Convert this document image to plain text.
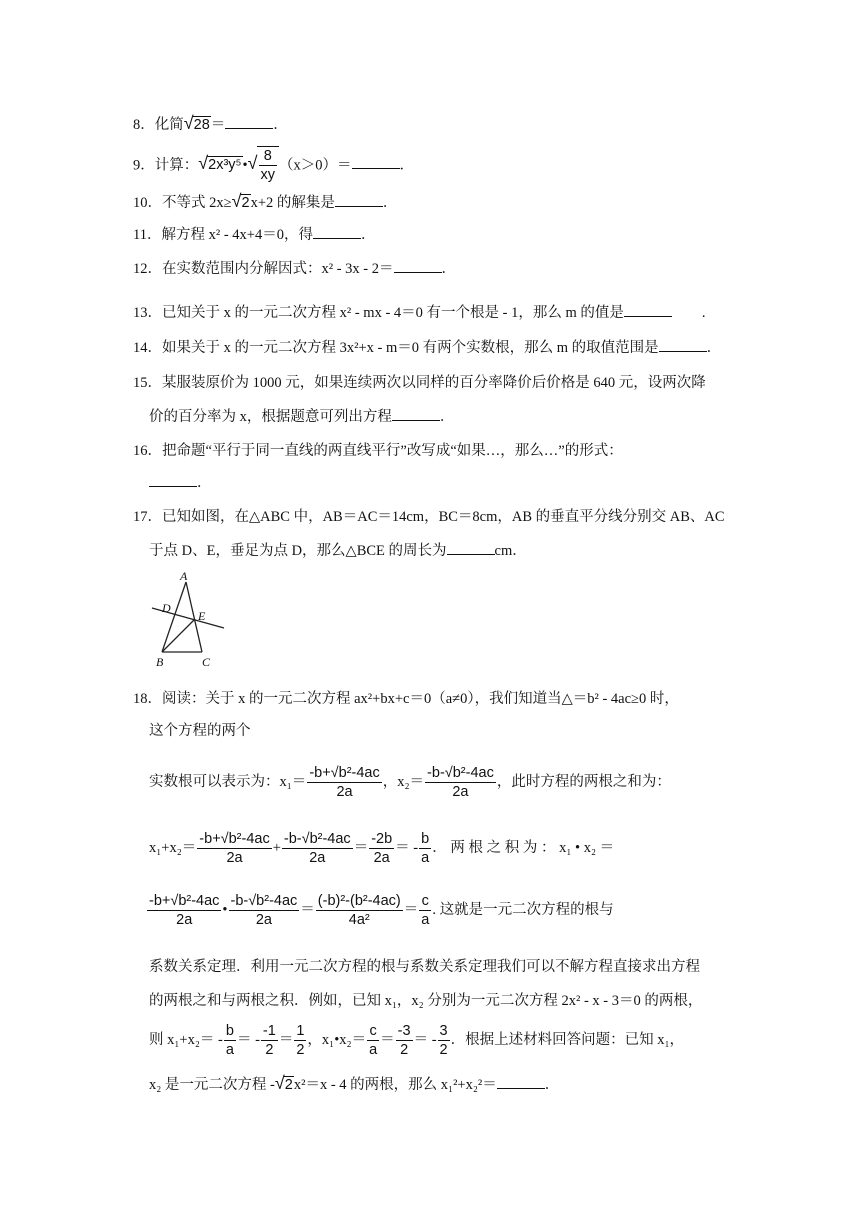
8．化简√28＝	．
9．计算：√2x³y⁵•√ $\frac{8}{xy} (x>0)=$	．
10．不等式 2x≥√2x+2 的解集是	．
11．解方程 x² - 4x+4＝0，得	．
12．在实数范围内分解因式：x² - 3x - 2＝	．
13．已知关于 x 的一元二次方程 x² - mx - 4＝0 有一个根是 - 1，那么 m 的值是	.
14．如果关于 x 的一元二次方程 3x²+x - m＝0 有两个实数根，那么 m 的取值范围是	．
15．某服装原价为 1000 元，如果连续两次以同样的百分率降价后价格是 640 元，设两次降
价的百分率为 x，根据题意可列出方程	．
16．把命题“平行于同一直线的两直线平行”改写成“如果…，那么…”的形式：
．
17．已知如图，在△ABC 中，AB＝AC＝14cm，BC＝8cm，AB 的垂直平分线分别交 AB、AC
于点 D、E，垂足为点 D，那么△BCE 的周长为	cm．
A
D
E
B	C
18．阅读：关于 x 的一元二次方程 ax²+bx+c＝0（a≠0），我们知道当△＝b² - 4ac≥0 时，
这个方程的两个
实数根可以表示为：$x_1= \frac{\text{-b+√b²-4ac}}{2a}$ ，$x_2= \frac{\text{-b-√b²-4ac}}{2a}$ ，此时方程的两根之和为：
$x_1+x_2= \frac{\text{-b+√b²-4ac}}{2a} + \frac{\text{-b-√b²-4ac}}{2a} = \frac{-2b}{2a}$ ＝ - $\frac{b}{a}$ ． 两 根 之 积 为 ： x₁ • x₂ ＝
$\frac{\text{-b+√b²-4ac}}{2a}$ • $\frac{\text{-b-√b²-4ac}}{2a} = \frac{\text{(-b)²-(b²-4ac)}}{\text{4a²}} = \frac{c}{a}$ . 这就是一元二次方程的根与
系数关系定理．利用一元二次方程的根与系数关系定理我们可以不解方程直接求出方程
的两根之和与两根之积．例如，已知 x₁，x₂ 分别为一元二次方程 2x² - x - 3＝0 的两根，
则 $x_1+x_2= - \frac{b}{a}$ ＝ - $\frac{-1}{2} = \frac{1}{2}$ ，x₁•x₂＝ $\frac{c}{a} = \frac{-3}{2}$ ＝ - $\frac{3}{2}$ ．根据上述材料回答问题：已知 x₁，
x₂ 是一元二次方程 -√2x²＝x - 4 的两根，那么 x₁²+x₂²＝	．
